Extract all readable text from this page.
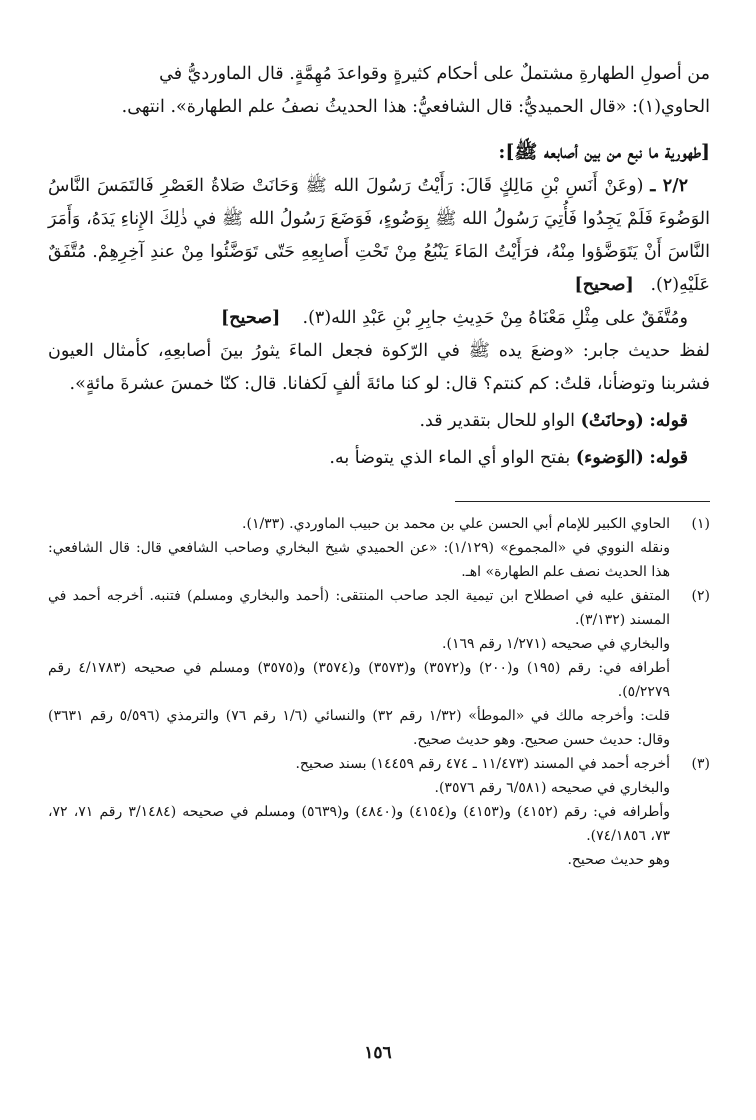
من أصولِ الطهارةِ مشتملٌ على أحكام كثيرةٍ وقواعدَ مُهِمَّةٍ. قال الماورديُّ في

الحاوي(١): «قال الحميديُّ: قال الشافعيُّ: هذا الحديثُ نصفُ علم الطهارة». انتهى.

[طهورية ما نبع من بين أصابعه ﷺ]:

٢/٢ ـ (وعَنْ أَنَسِ بْنِ مَالِكٍ قَالَ: رَأَيْتُ رَسُولَ الله ﷺ وَحَانَتْ صَلاةُ العَصْرِ فَالتَمَسَ النَّاسُ الوَضُوءَ فَلَمْ يَجِدُوا فَأُتِيَ رَسُولُ الله ﷺ بِوَضُوءٍ، فَوَضَعَ رَسُولُ الله ﷺ في ذٰلِكَ الإِناءِ يَدَهُ، وَأَمَرَ النَّاسَ أَنْ يَتَوَضَّؤوا مِنْهُ، فرَأَيْتُ المَاءَ يَنْبُعُ مِنْ تَحْتِ أَصابِعِهِ حَتّى تَوَضَّئُوا مِنْ عندِ آخِرِهِمْ. مُتَّفَقٌ عَلَيْهِ(٢).   [صحيح]

ومُتَّفَقٌ على مِثْلِ مَعْنَاهُ مِنْ حَدِيثِ جابِرِ بْنِ عَبْدِ الله(٣).    [صحيح]

لفظ حديث جابر: «وضعَ يده ﷺ في الرّكوة فجعل الماءَ يثورُ بينَ أصابعِهِ، كأمثال العيون فشربنا وتوضأنا، قلتُ: كم كنتم؟ قال: لو كنا مائةَ ألفٍ لَكفانا. قال: كنّا خمسَ عشرةَ مائةٍ».

قوله: (وحانَتْ) الواو للحال بتقدير قد.

قوله: (الوَضوء) بفتح الواو أي الماء الذي يتوضأ به.

(١)

الحاوي الكبير للإمام أبي الحسن علي بن محمد بن حبيب الماوردي. (١/٣٣).

ونقله النووي في «المجموع» (١/١٢٩): «عن الحميدي شيخ البخاري وصاحب الشافعي قال: قال الشافعي: هذا الحديث نصف علم الطهارة» اهـ.

(٢)

المتفق عليه في اصطلاح ابن تيمية الجد صاحب المنتقى: (أحمد والبخاري ومسلم) فتنبه. أخرجه أحمد في المسند (٣/١٣٢).

والبخاري في صحيحه (١/٢٧١ رقم ١٦٩).

أطرافه في: رقم (١٩٥) و(٢٠٠) و(٣٥٧٢) و(٣٥٧٣) و(٣٥٧٤) و(٣٥٧٥) ومسلم في صحيحه (٤/١٧٨٣ رقم ٥/٢٢٧٩).

قلت: وأخرجه مالك في «الموطأ» (١/٣٢ رقم ٣٢) والنسائي (١/٦ رقم ٧٦) والترمذي (٥/٥٩٦ رقم ٣٦٣١) وقال: حديث حسن صحيح. وهو حديث صحيح.

(٣)

أخرجه أحمد في المسند (١١/٤٧٣ ـ ٤٧٤ رقم ١٤٤٥٩) بسند صحيح.

والبخاري في صحيحه (٦/٥٨١ رقم ٣٥٧٦).

وأطرافه في: رقم (٤١٥٢) و(٤١٥٣) و(٤١٥٤) و(٤٨٤٠) و(٥٦٣٩) ومسلم في صحيحه (٣/١٤٨٤ رقم ٧١، ٧٢، ٧٣، ٧٤/١٨٥٦).

وهو حديث صحيح.

١٥٦
